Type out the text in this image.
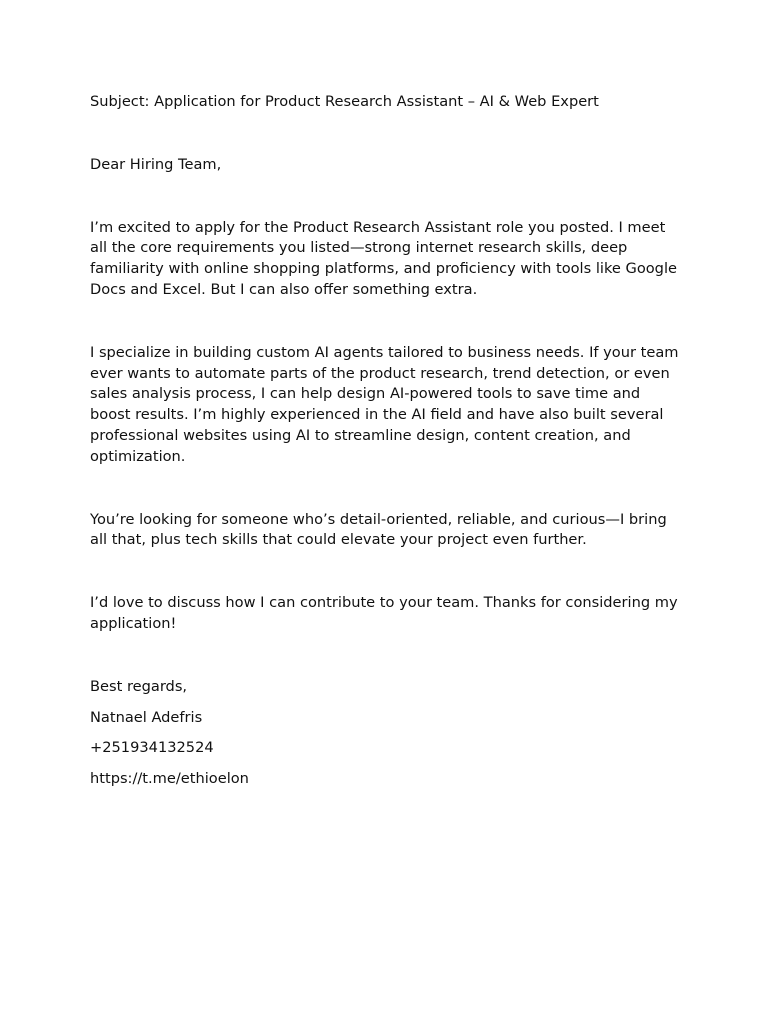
Subject: Application for Product Research Assistant – AI & Web Expert

Dear Hiring Team,

I’m excited to apply for the Product Research Assistant role you posted. I meet all the core requirements you listed—strong internet research skills, deep familiarity with online shopping platforms, and proficiency with tools like Google Docs and Excel. But I can also offer something extra.

I specialize in building custom AI agents tailored to business needs. If your team ever wants to automate parts of the product research, trend detection, or even sales analysis process, I can help design AI-powered tools to save time and boost results. I’m highly experienced in the AI field and have also built several professional websites using AI to streamline design, content creation, and optimization.

You’re looking for someone who’s detail-oriented, reliable, and curious—I bring all that, plus tech skills that could elevate your project even further.

I’d love to discuss how I can contribute to your team. Thanks for considering my application!

Best regards,

Natnael Adefris

+251934132524

https://t.me/ethioelon
